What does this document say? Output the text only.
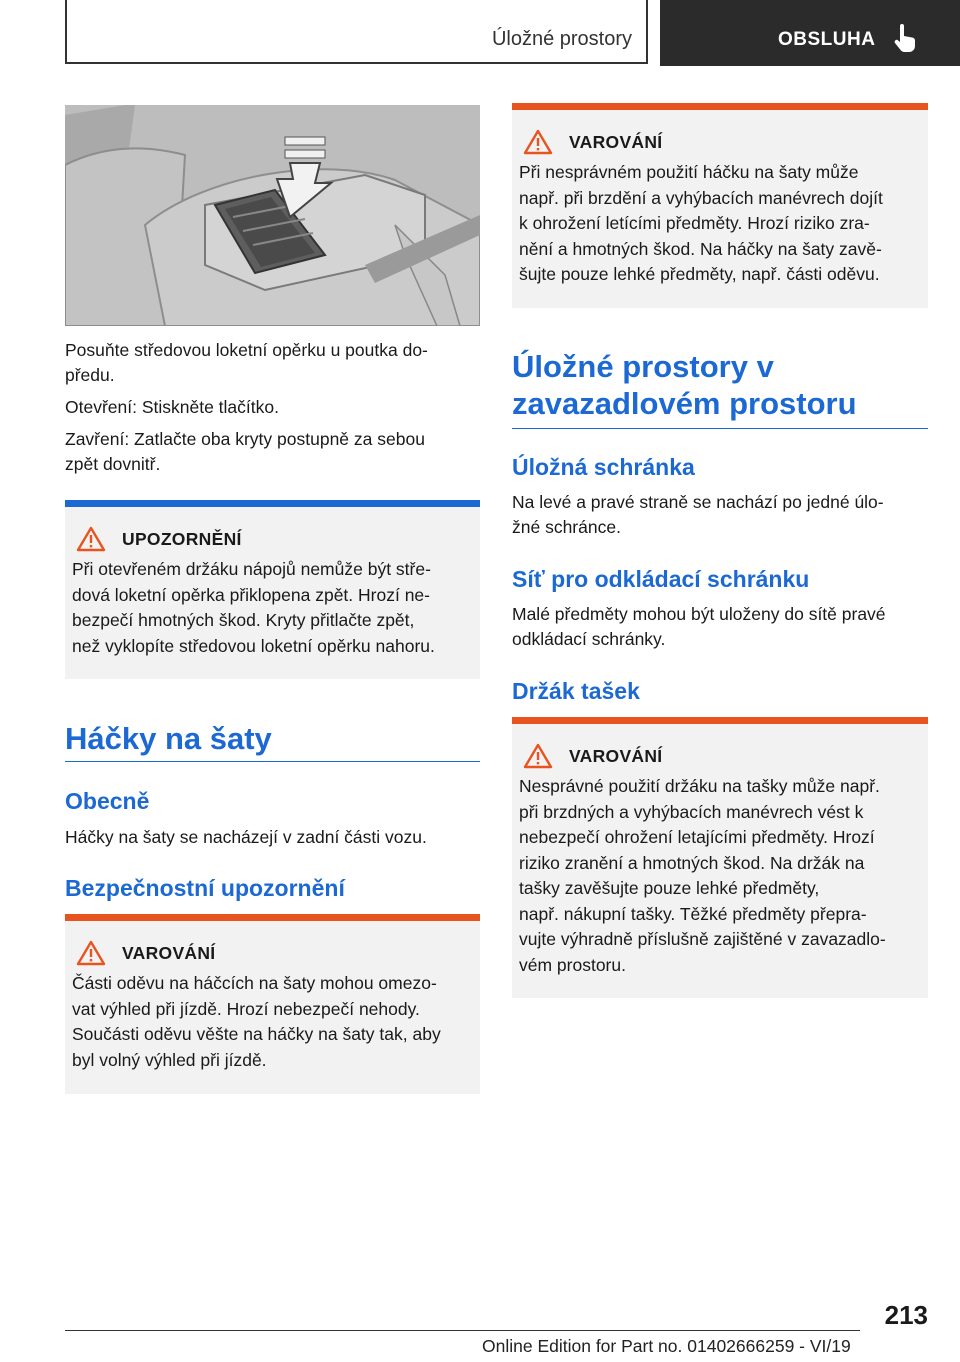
Úložné prostory	OBSLUHA

Posuňte středovou loketní opěrku u poutka do-

předu.

Otevření: Stiskněte tlačítko.

Zavření: Zatlačte oba kryty postupně za sebou

zpět dovnitř.

UPOZORNĚNÍ
Při otevřeném držáku nápojů nemůže být stře-
dová loketní opěrka přiklopena zpět. Hrozí ne-
bezpečí hmotných škod. Kryty přitlačte zpět,
než vyklopíte středovou loketní opěrku nahoru.
Háčky na šaty
Obecně

Háčky na šaty se nacházejí v zadní části vozu.

Bezpečnostní upozornění
VAROVÁNÍ
Části oděvu na háčcích na šaty mohou omezo-
vat výhled při jízdě. Hrozí nebezpečí nehody.
Součásti oděvu věšte na háčky na šaty tak, aby
byl volný výhled při jízdě.
VAROVÁNÍ
Při nesprávném použití háčku na šaty může
např. při brzdění a vyhýbacích manévrech dojít
k ohrožení letícími předměty. Hrozí riziko zra-
nění a hmotných škod. Na háčky na šaty zavě-
šujte pouze lehké předměty, např. části oděvu.
Úložné prostory v
zavazadlovém prostoru
Úložná schránka

Na levé a pravé straně se nachází po jedné úlo-

žné schránce.

Síť pro odkládací schránku

Malé předměty mohou být uloženy do sítě pravé

odkládací schránky.

Držák tašek
VAROVÁNÍ
Nesprávné použití držáku na tašky může např.
při brzdných a vyhýbacích manévrech vést k
nebezpečí ohrožení letajícími předměty. Hrozí
riziko zranění a hmotných škod. Na držák na
tašky zavěšujte pouze lehké předměty,
např. nákupní tašky. Těžké předměty přepra-
vujte výhradně příslušně zajištěné v zavazadlo-
vém prostoru.
213
Online Edition for Part no. 01402666259 - VI/19
